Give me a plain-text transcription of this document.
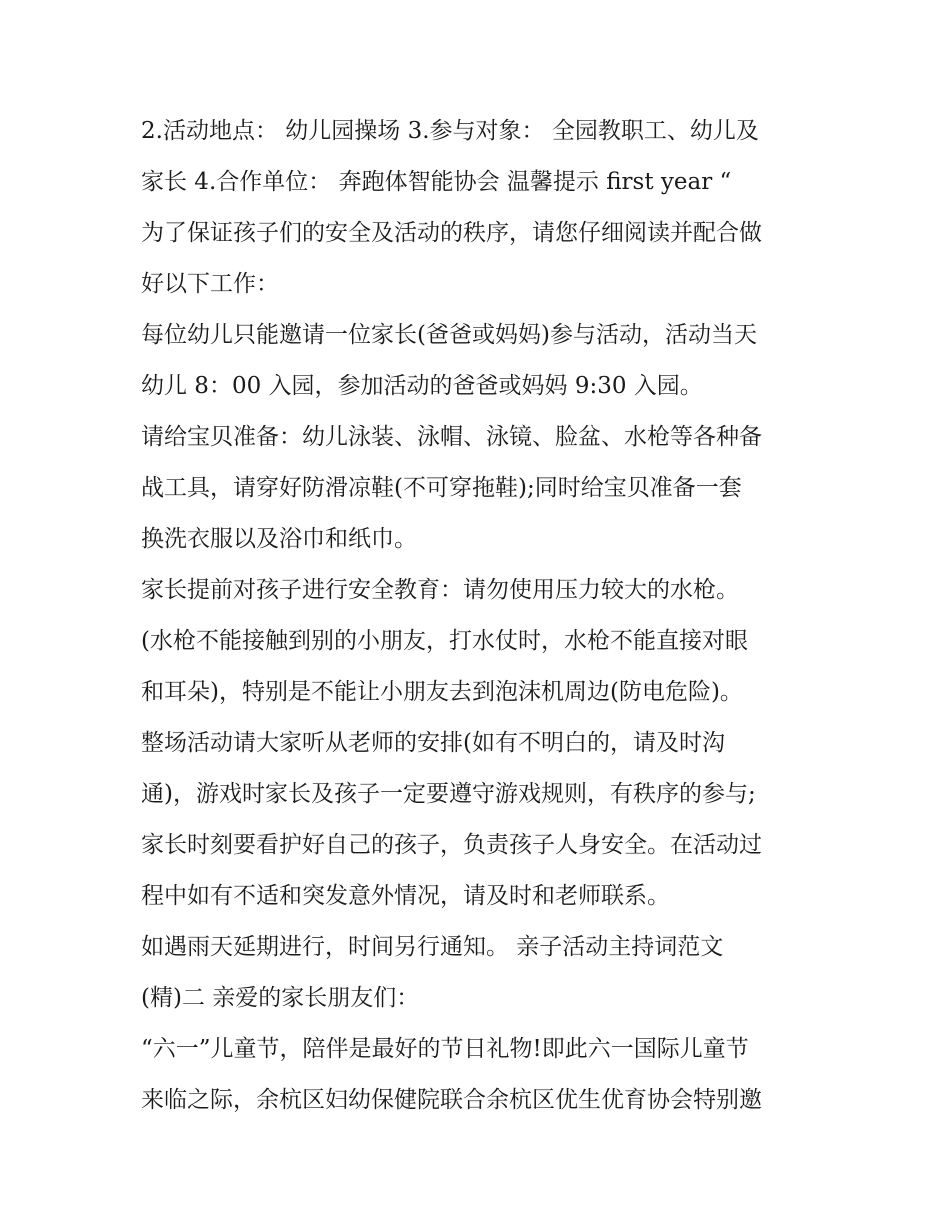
2.活动地点： 幼儿园操场 3.参与对象： 全园教职工、幼儿及
家长 4.合作单位： 奔跑体智能协会 温馨提示 first year “
为了保证孩子们的安全及活动的秩序，请您仔细阅读并配合做
好以下工作：
每位幼儿只能邀请一位家长(爸爸或妈妈)参与活动，活动当天
幼儿 8：00 入园，参加活动的爸爸或妈妈 9:30 入园。
请给宝贝准备：幼儿泳装、泳帽、泳镜、脸盆、水枪等各种备
战工具，请穿好防滑凉鞋(不可穿拖鞋);同时给宝贝准备一套
换洗衣服以及浴巾和纸巾。
家长提前对孩子进行安全教育：请勿使用压力较大的水枪。
(水枪不能接触到别的小朋友，打水仗时，水枪不能直接对眼
和耳朵)，特别是不能让小朋友去到泡沫机周边(防电危险)。
整场活动请大家听从老师的安排(如有不明白的，请及时沟
通)，游戏时家长及孩子一定要遵守游戏规则，有秩序的参与;
家长时刻要看护好自己的孩子，负责孩子人身安全。在活动过
程中如有不适和突发意外情况，请及时和老师联系。
如遇雨天延期进行，时间另行通知。 亲子活动主持词范文
(精)二 亲爱的家长朋友们：
“六一”儿童节，陪伴是最好的节日礼物!即此六一国际儿童节
来临之际，余杭区妇幼保健院联合余杭区优生优育协会特别邀
